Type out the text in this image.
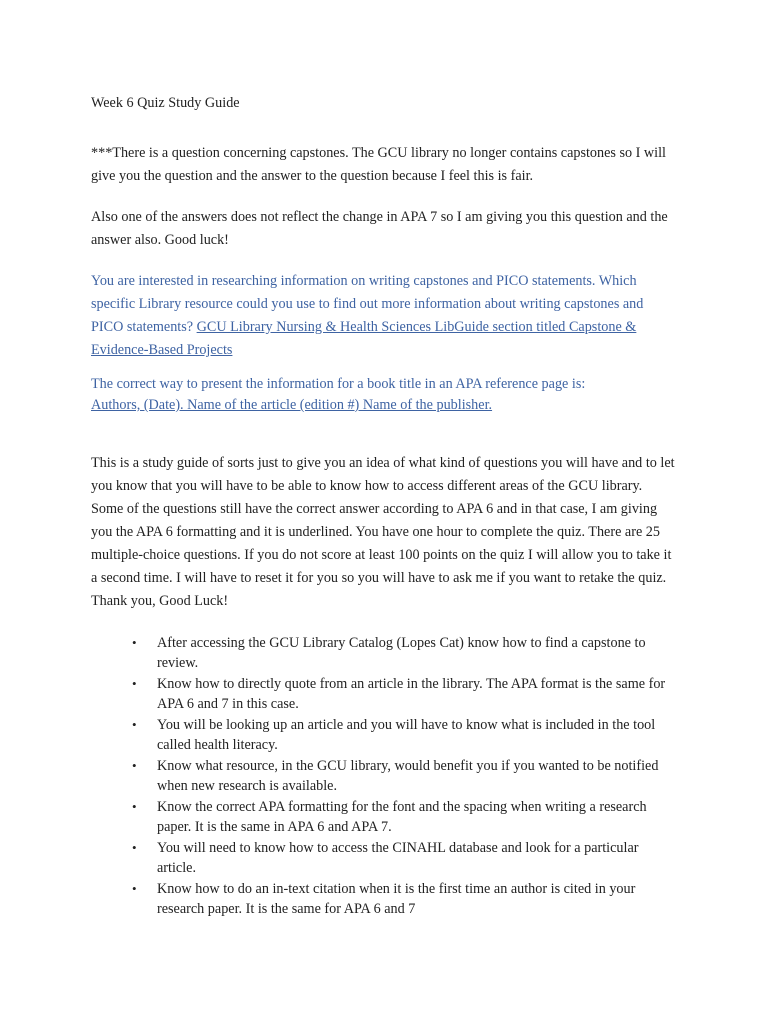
Week 6 Quiz Study Guide

***There is a question concerning capstones. The GCU library no longer contains capstones so I will give you the question and the answer to the question because I feel this is fair.

Also one of the answers does not reflect the change in APA 7 so I am giving you this question and the answer also. Good luck!

You are interested in researching information on writing capstones and PICO statements. Which specific Library resource could you use to find out more information about writing capstones and PICO statements? GCU Library Nursing & Health Sciences LibGuide section titled Capstone & Evidence-Based Projects

The correct way to present the information for a book title in an APA reference page is:
Authors, (Date). Name of the article (edition #) Name of the publisher.

This is a study guide of sorts just to give you an idea of what kind of questions you will have and to let you know that you will have to be able to know how to access different areas of the GCU library. Some of the questions still have the correct answer according to APA 6 and in that case, I am giving you the APA 6 formatting and it is underlined. You have one hour to complete the quiz. There are 25 multiple-choice questions. If you do not score at least 100 points on the quiz I will allow you to take it a second time. I will have to reset it for you so you will have to ask me if you want to retake the quiz. Thank you, Good Luck!

• After accessing the GCU Library Catalog (Lopes Cat) know how to find a capstone to review.
• Know how to directly quote from an article in the library. The APA format is the same for APA 6 and 7 in this case.
• You will be looking up an article and you will have to know what is included in the tool called health literacy.
• Know what resource, in the GCU library, would benefit you if you wanted to be notified when new research is available.
• Know the correct APA formatting for the font and the spacing when writing a research paper. It is the same in APA 6 and APA 7.
• You will need to know how to access the CINAHL database and look for a particular article.
• Know how to do an in-text citation when it is the first time an author is cited in your research paper. It is the same for APA 6 and 7
